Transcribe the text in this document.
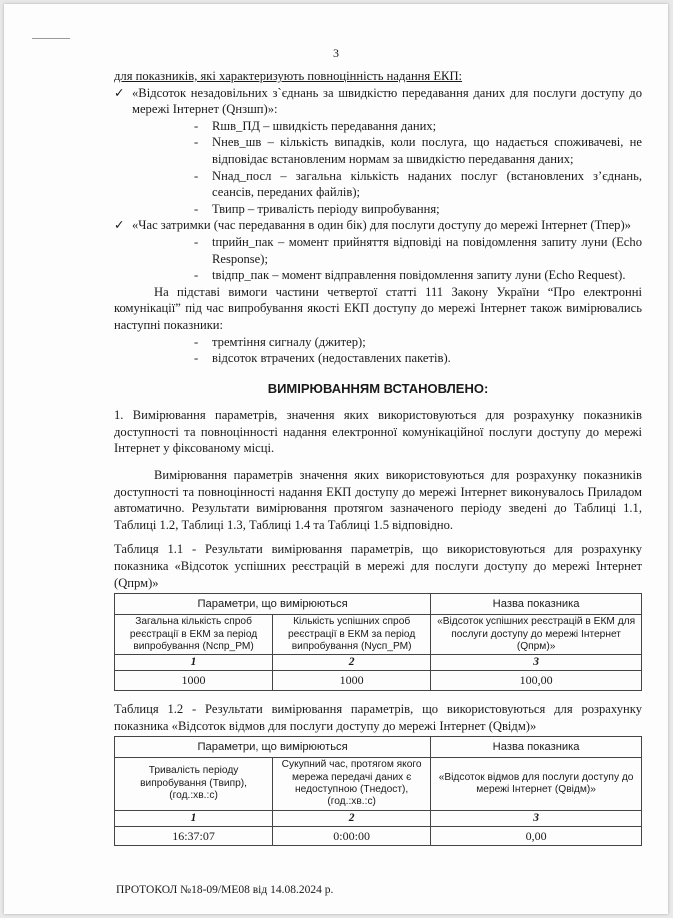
3

для показників, які характеризують повноцінність надання ЕКП:

✓ «Відсоток незадовільних з`єднань за швидкістю передавання даних для послуги доступу до мережі Інтернет (Qнзшп)»:
- Rшв_ПД – швидкість передавання даних;
- Nнев_шв – кількість випадків, коли послуга, що надається споживачеві, не відповідає встановленим нормам за швидкістю передавання даних;
- Nнад_посл – загальна кількість наданих послуг (встановлених з’єднань, сеансів, переданих файлів);
- Твипр – тривалість періоду випробування;
✓ «Час затримки (час передавання в один бік) для послуги доступу до мережі Інтернет (Тпер)»
- tприйн_пак – момент прийняття відповіді на повідомлення запиту луни (Echo Response);
- tвідпр_пак – момент відправлення повідомлення запиту луни (Echo Request).

На підставі вимоги частини четвертої статті 111 Закону України “Про електронні комунікації” під час випробування якості ЕКП доступу до мережі Інтернет також вимірювались наступні показники:

- тремтіння сигналу (джитер);
- відсоток втрачених (недоставлених пакетів).
ВИМІРЮВАННЯМ ВСТАНОВЛЕНО:

1. Вимірювання параметрів, значення яких використовуються для розрахунку показників доступності та повноцінності надання електронної комунікаційної послуги доступу до мережі Інтернет у фіксованому місці.

Вимірювання параметрів значення яких використовуються для розрахунку показників доступності та повноцінності надання ЕКП доступу до мережі Інтернет виконувалось Приладом автоматично. Результати вимірювання протягом зазначеного періоду зведені до Таблиці 1.1, Таблиці 1.2, Таблиці 1.3, Таблиці 1.4 та Таблиці 1.5 відповідно.

Таблиця 1.1 - Результати вимірювання параметрів, що використовуються для розрахунку показника «Відсоток успішних реєстрацій в мережі для послуги доступу до мережі Інтернет (Qпрм)»

Параметри, що вимірюються		Назва показника
Загальна кількість спроб реєстрації в ЕКМ за період випробування (Nспр_РМ)	Кількість успішних спроб реєстрації в ЕКМ за період випробування (Nусп_РМ)	«Відсоток успішних реєстрацій в ЕКМ для послуги доступу до мережі Інтернет (Qпрм)»
1	2	3
1000	1000	100,00

Таблиця 1.2 - Результати вимірювання параметрів, що використовуються для розрахунку показника «Відсоток відмов для послуги доступу до мережі Інтернет (Qвідм)»

Параметри, що вимірюються		Назва показника
Тривалість періоду випробування (Твипр), (год.:хв.:с)	Сукупний час, протягом якого мережа передачі даних є недоступною (Тнедост), (год.:хв.:с)	«Відсоток відмов для послуги доступу до мережі Інтернет (Qвідм)»
1	2	3
16:37:07	0:00:00	0,00
ПРОТОКОЛ №18-09/МЕ08 від 14.08.2024 р.
